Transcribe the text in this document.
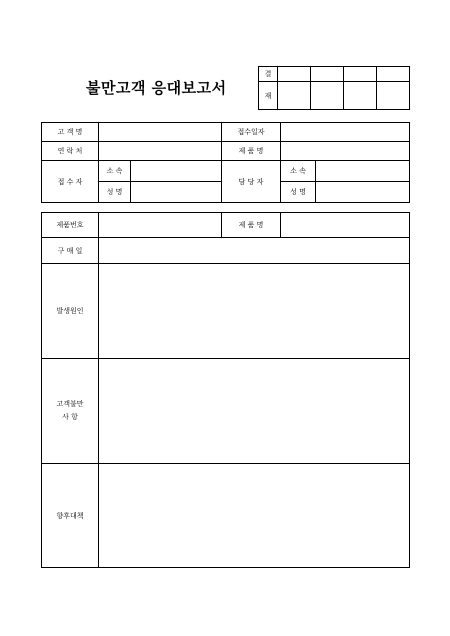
불만고객 응대보고서
결				
재				
고 객 명			접수일자		
연 락 처			제 품 명		
접 수 자	소 속		담 당 자	소 속	
	성 명			성 명	
제품번호		제 품 명	
구 매 일			
발생원인			

고객불만
사 항			

향후대책			
